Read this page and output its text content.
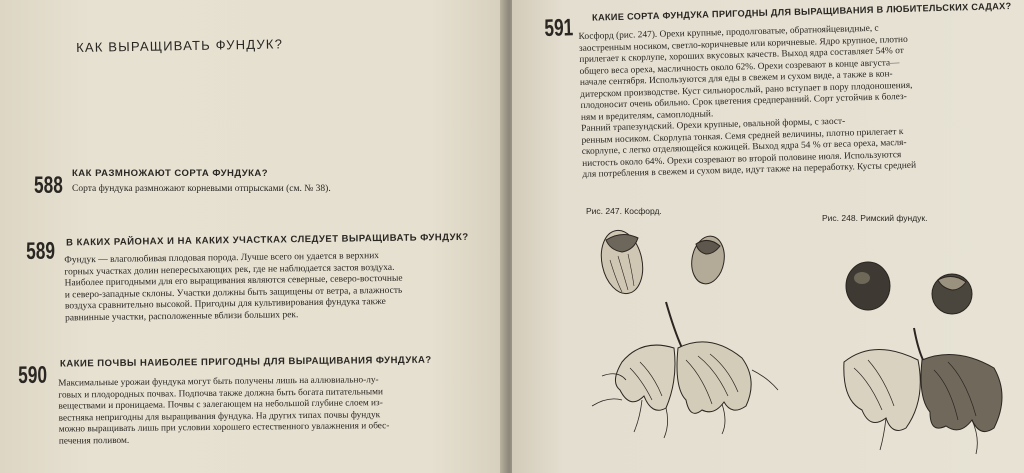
КАК ВЫРАЩИВАТЬ ФУНДУК?
588 КАК РАЗМНОЖАЮТ СОРТА ФУНДУКА?
Сорта фундука размножают корневыми отпрысками (см. № 38).
589 В КАКИХ РАЙОНАХ И НА КАКИХ УЧАСТКАХ СЛЕДУЕТ ВЫРАЩИВАТЬ ФУНДУК?
Фундук — влаголюбивая плодовая порода. Лучше всего он удается в верхних
горных участках долин непересыхающих рек, где не наблюдается застоя воздуха.
Наиболее пригодными для его выращивания являются северные, северо-восточные
и северо-западные склоны. Участки должны быть защищены от ветра, а влажность
воздуха сравнительно высокой. Пригодны для культивирования фундука также
равнинные участки, расположенные вблизи больших рек.
590 КАКИЕ ПОЧВЫ НАИБОЛЕЕ ПРИГОДНЫ ДЛЯ ВЫРАЩИВАНИЯ ФУНДУКА?
Максимальные урожаи фундука могут быть получены лишь на аллювиально-лу-
говых и плодородных почвах. Подпочва также должна быть богата питательными
веществами и проницаема. Почвы с залегающем на небольшой глубине слоем из-
вестняка непригодны для выращивания фундука. На других типах почвы фундук
можно выращивать лишь при условии хорошего естественного увлажнения и обес-
печения поливом.
591
КАКИЕ СОРТА ФУНДУКА ПРИГОДНЫ ДЛЯ ВЫРАЩИВАНИЯ В ЛЮБИТЕЛЬСКИХ САДАХ?
Косфорд (рис. 247). Орехи крупные, продолговатые, обратнояйцевидные, с
заостренным носиком, светло-коричневые или коричневые. Ядро крупное, плотно
прилегает к скорлупе, хороших вкусовых качеств. Выход ядра составляет 54% от
общего веса ореха, масличность около 62%. Орехи созревают в конце августа—
начале сентября. Используются для еды в свежем и сухом виде, а также в кон-
дитерском производстве. Куст сильнорослый, рано вступает в пору плодоношения,
плодоносит очень обильно. Срок цветения средперанний. Сорт устойчив к болез-
ням и вредителям, самоплодный.
Ранний трапезундский. Орехи крупные, овальной формы, с заост-
ренным носиком. Скорлупа тонкая. Семя средней величины, плотно прилегает к
скорлупе, с легко отделяющейся кожицей. Выход ядра 54 % от веса ореха, масля-
нистость около 64%. Орехи созревают во второй половине июля. Используются
для потребления в свежем и сухом виде, идут также на переработку. Кусты средней
Рис. 247. Косфорд.
Рис. 248. Римский фундук.
